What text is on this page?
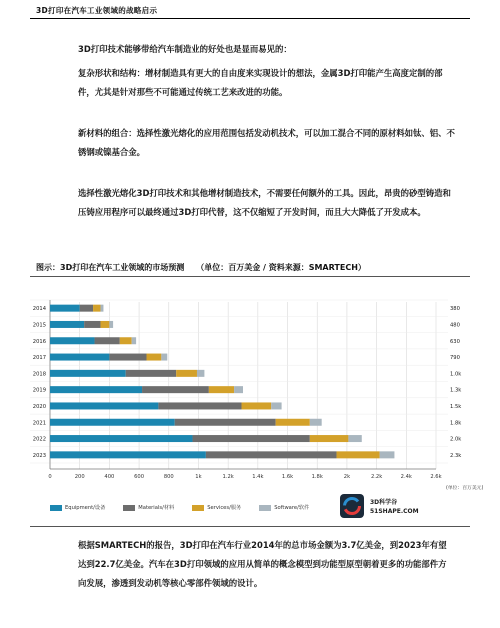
3D打印在汽车工业领域的战略启示

3D打印技术能够带给汽车制造业的好处也是显而易见的：

复杂形状和结构：增材制造具有更大的自由度来实现设计的想法，金属3D打印能产生高度定制的部件，尤其是针对那些不可能通过传统工艺来改进的功能。

新材料的组合：选择性激光熔化的应用范围包括发动机技术，可以加工混合不同的原材料如钛、铝、不锈钢或镍基合金。

选择性激光熔化3D打印技术和其他增材制造技术，不需要任何额外的工具。因此，昂贵的砂型铸造和压铸应用程序可以最终通过3D打印代替，这不仅缩短了开发时间，而且大大降低了开发成本。

图示：3D打印在汽车工业领域的市场预测　　（单位：百万美金 / 资料来源：SMARTECH）
0	200	400	600	800	1k	1.2k	1.4k	1.6k	1.8k	2k	2.2k	2.4k	2.6k
2014	380
2015	480
2016	630
2017	790
2018	1.0k
2019	1.3k
2020	1.5k
2021	1.8k
2022	2.0k
2023	2.3k
(单位：百万美元)
Equipment/设备	Materials/材料	Services/服务	Software/软件
3D科学谷
51SHAPE.COM

根据SMARTECH的报告，3D打印在汽车行业2014年的总市场金额为3.7亿美金，到2023年有望达到22.7亿美金。汽车在3D打印领域的应用从简单的概念模型到功能型原型朝着更多的功能部件方向发展，渗透到发动机等核心零部件领域的设计。
